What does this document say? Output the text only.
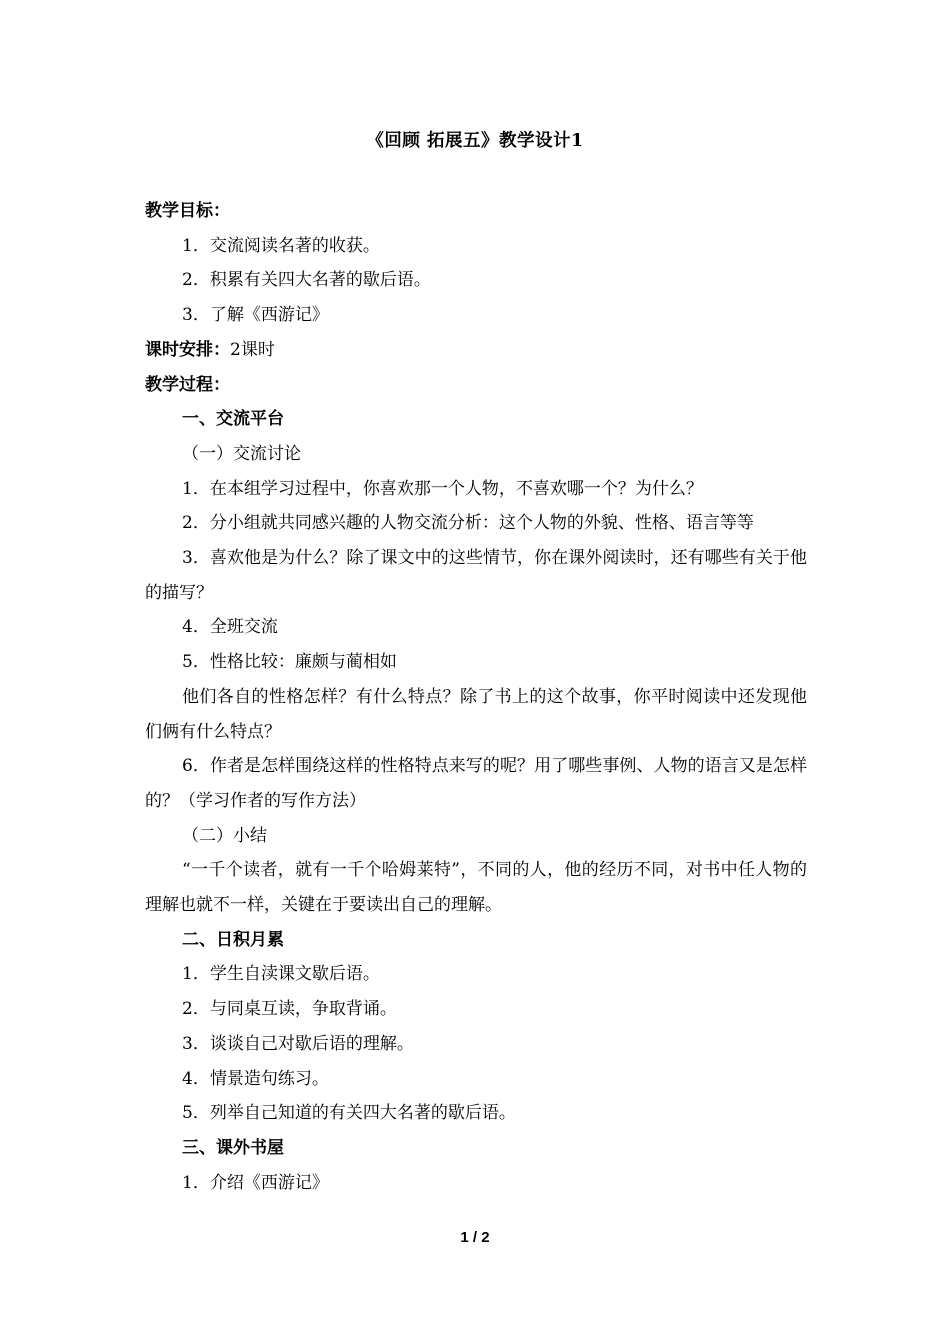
《回顾 拓展五》教学设计1
教学目标：
1．交流阅读名著的收获。
2．积累有关四大名著的歇后语。
3．了解《西游记》
课时安排：2课时
教学过程：
一、交流平台
（一）交流讨论
1．在本组学习过程中，你喜欢那一个人物，不喜欢哪一个？为什么？
2．分小组就共同感兴趣的人物交流分析：这个人物的外貌、性格、语言等等
3．喜欢他是为什么？除了课文中的这些情节，你在课外阅读时，还有哪些有关于他的描写？
4．全班交流
5．性格比较：廉颇与蔺相如
他们各自的性格怎样？有什么特点？除了书上的这个故事，你平时阅读中还发现他们俩有什么特点？
6．作者是怎样围绕这样的性格特点来写的呢？用了哪些事例、人物的语言又是怎样的？（学习作者的写作方法）
（二）小结
“一千个读者，就有一千个哈姆莱特”，不同的人，他的经历不同，对书中任人物的理解也就不一样，关键在于要读出自己的理解。
二、日积月累
1．学生自渎课文歇后语。
2．与同桌互读，争取背诵。
3．谈谈自己对歇后语的理解。
4．情景造句练习。
5．列举自己知道的有关四大名著的歇后语。
三、课外书屋
1．介绍《西游记》
1 / 2
